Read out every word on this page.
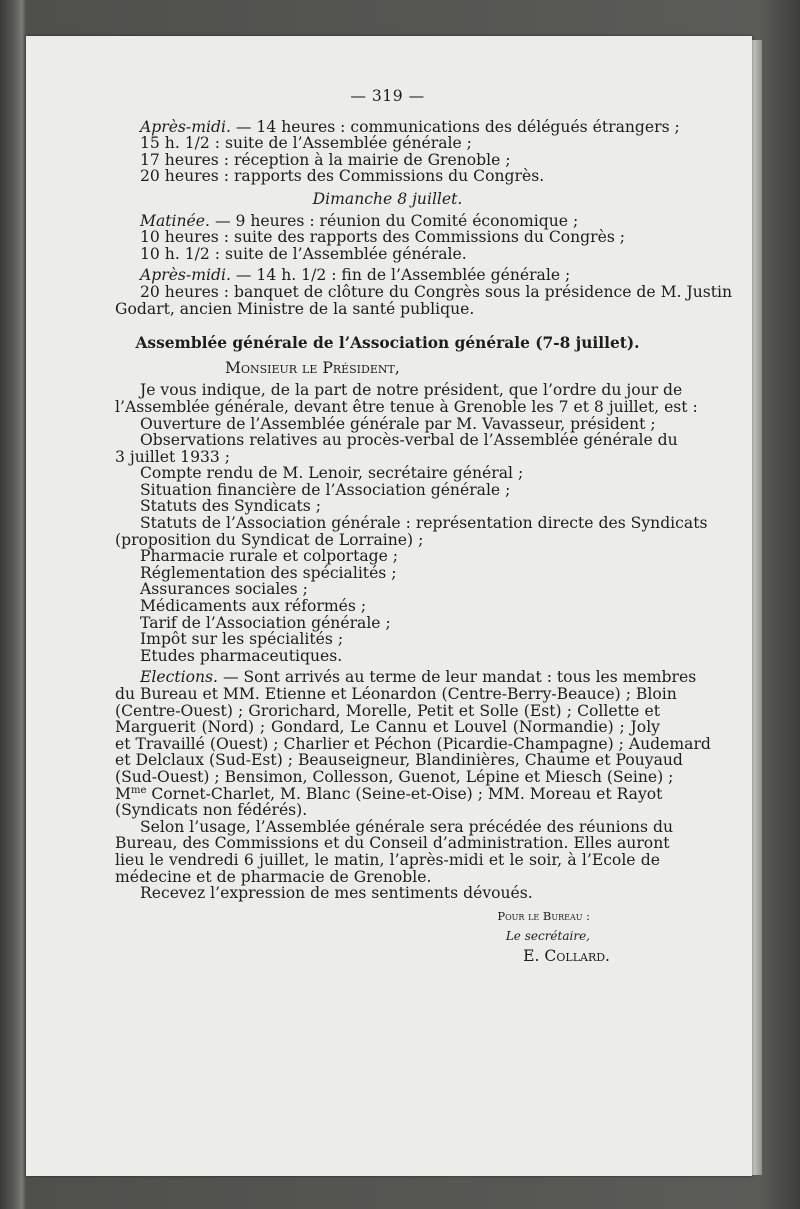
— 319 —
Après-midi. — 14 heures : communications des délégués étrangers ;
15 h. 1/2 : suite de l’Assemblée générale ;
17 heures : réception à la mairie de Grenoble ;
20 heures : rapports des Commissions du Congrès.
Dimanche 8 juillet.
Matinée. — 9 heures : réunion du Comité économique ;
10 heures : suite des rapports des Commissions du Congrès ;
10 h. 1/2 : suite de l’Assemblée générale.
Après-midi. — 14 h. 1/2 : fin de l’Assemblée générale ;
20 heures : banquet de clôture du Congrès sous la présidence de M. Justin
Godart, ancien Ministre de la santé publique.
Assemblée générale de l’Association générale (7-8 juillet).
Monsieur le Président,
Je vous indique, de la part de notre président, que l’ordre du jour de
l’Assemblée générale, devant être tenue à Grenoble les 7 et 8 juillet, est :
Ouverture de l’Assemblée générale par M. Vavasseur, président ;
Observations relatives au procès-verbal de l’Assemblée générale du
3 juillet 1933 ;
Compte rendu de M. Lenoir, secrétaire général ;
Situation financière de l’Association générale ;
Statuts des Syndicats ;
Statuts de l’Association générale : représentation directe des Syndicats
(proposition du Syndicat de Lorraine) ;
Pharmacie rurale et colportage ;
Réglementation des spécialités ;
Assurances sociales ;
Médicaments aux réformés ;
Tarif de l’Association générale ;
Impôt sur les spécialités ;
Etudes pharmaceutiques.
Elections. — Sont arrivés au terme de leur mandat : tous les membres
du Bureau et MM. Etienne et Léonardon (Centre-Berry-Beauce) ; Bloin
(Centre-Ouest) ; Grorichard, Morelle, Petit et Solle (Est) ; Collette et
Marguerit (Nord) ; Gondard, Le Cannu et Louvel (Normandie) ; Joly
et Travaillé (Ouest) ; Charlier et Péchon (Picardie-Champagne) ; Audemard
et Delclaux (Sud-Est) ; Beauseigneur, Blandinières, Chaume et Pouyaud
(Sud-Ouest) ; Bensimon, Collesson, Guenot, Lépine et Miesch (Seine) ;
$M^{me}$ Cornet-Charlet, M. Blanc (Seine-et-Oise) ; MM. Moreau et Rayot
(Syndicats non fédérés).
Selon l’usage, l’Assemblée générale sera précédée des réunions du
Bureau, des Commissions et du Conseil d’administration. Elles auront
lieu le vendredi 6 juillet, le matin, l’après-midi et le soir, à l’Ecole de
médecine et de pharmacie de Grenoble.
Recevez l’expression de mes sentiments dévoués.
Pour le Bureau :
Le secrétaire,
E. Collard.
